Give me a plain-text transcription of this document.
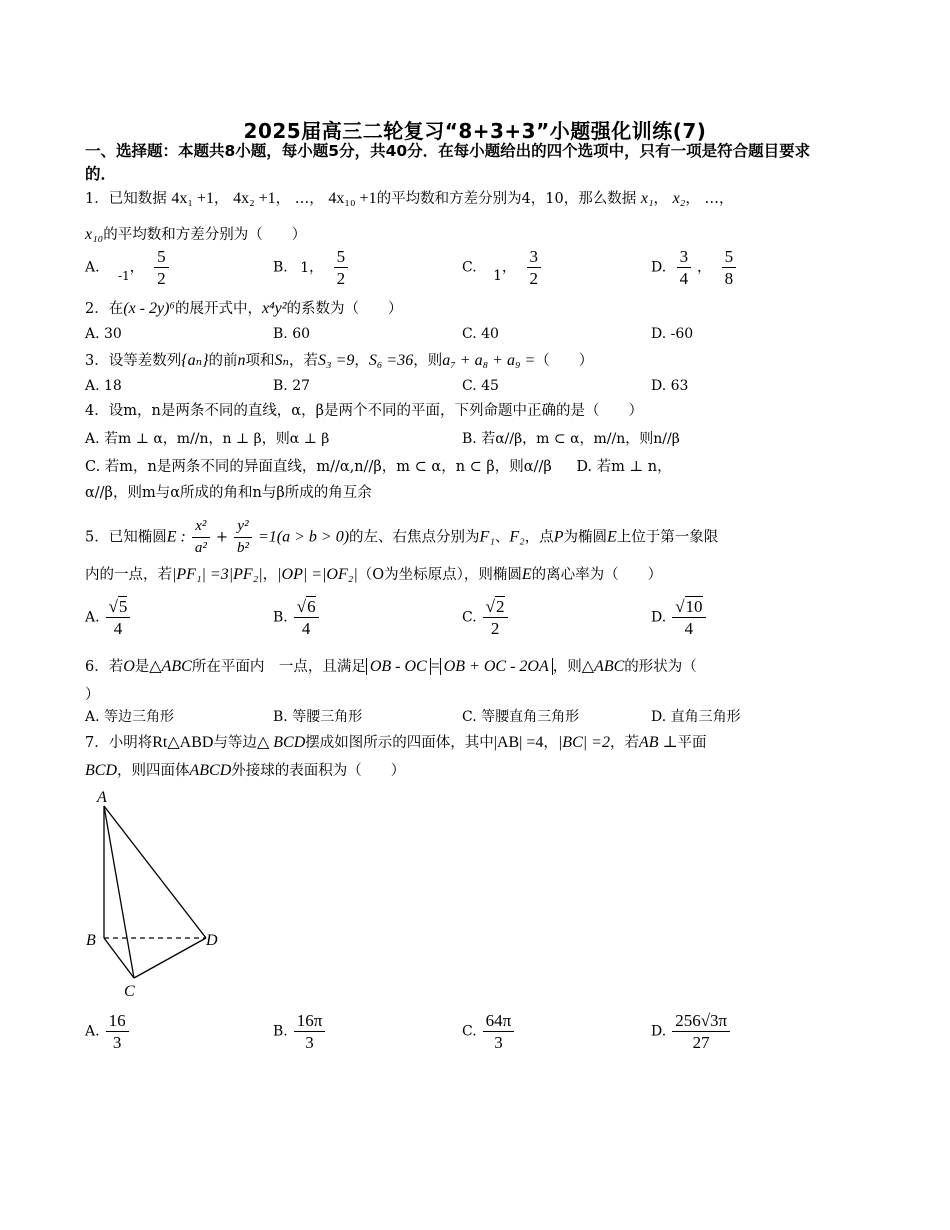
2025届高三二轮复习“8+3+3”小题强化训练(7)
一、选择题：本题共8小题，每小题5分，共40分．在每小题给出的四个选项中，只有一项是符合题目要求的．
1．已知数据 4x₁ +1， 4x₂ +1， …， 4x₁₀ +1的平均数和方差分别为4，10，那么数据 x₁， x₂， …，
x₁₀的平均数和方差分别为（　　）
A. -1， $\frac{5}{2}$	B. 1， $\frac{5}{2}$	C. 1， $\frac{3}{2}$	D. $\frac{3}{4}$ ， $\frac{5}{8}$
2．在(x - 2y)⁶的展开式中，x⁴y²的系数为（　　）
A. 30	B. 60	C. 40	D. -60
3．设等差数列{aₙ}的前n项和Sₙ，若S₃ =9，S₆ =36，则a₇ + a₈ + a₉ =（　　）
A. 18	B. 27	C. 45	D. 63
4．设m，n是两条不同的直线，α，β是两个不同的平面，下列命题中正确的是（　　）
A. 若m ⊥ α，m//n，n ⊥ β，则α ⊥ β	B. 若α//β，m ⊂ α，m//n，则n//β
C. 若m，n是两条不同的异面直线，m//α,n//β，m ⊂ α，n ⊂ β，则α//β D. 若m ⊥ n，
α//β，则m与α所成的角和n与β所成的角互余
5．已知椭圆E : $\frac{\text{x²}}{\text{a²}} + \frac{\text{y²}}{\text{b²}} =1(a > b > 0)$的左、右焦点分别为F₁、F₂，点P为椭圆E上位于第一象限
内的一点，若|PF₁| =3|PF₂|，|OP| =|OF₂|（O为坐标原点），则椭圆E的离心率为（　　）
A. $\frac{√5}{4}$	B. $\frac{√6}{4}$	C. $\frac{√2}{2}$	D. $\frac{√10}{4}$
6．若O是△ABC所在平面内　一点，且满足 OB - OC = OB + OC - 2OA ，则△ABC的形状为（
）
A. 等边三角形	B. 等腰三角形	C. 等腰直角三角形	D. 直角三角形
7．小明将Rt△ABD与等边△ BCD摆成如图所示的四面体，其中|AB| =4，|BC| =2，若AB ⊥平面
BCD，则四面体ABCD外接球的表面积为（　　）
A
B
C
D
A. $\frac{16}{3}$	B. $\frac{16\pi}{3}$	C. $\frac{64\pi}{3}$	D. $\frac{256√3\pi}{27}$
